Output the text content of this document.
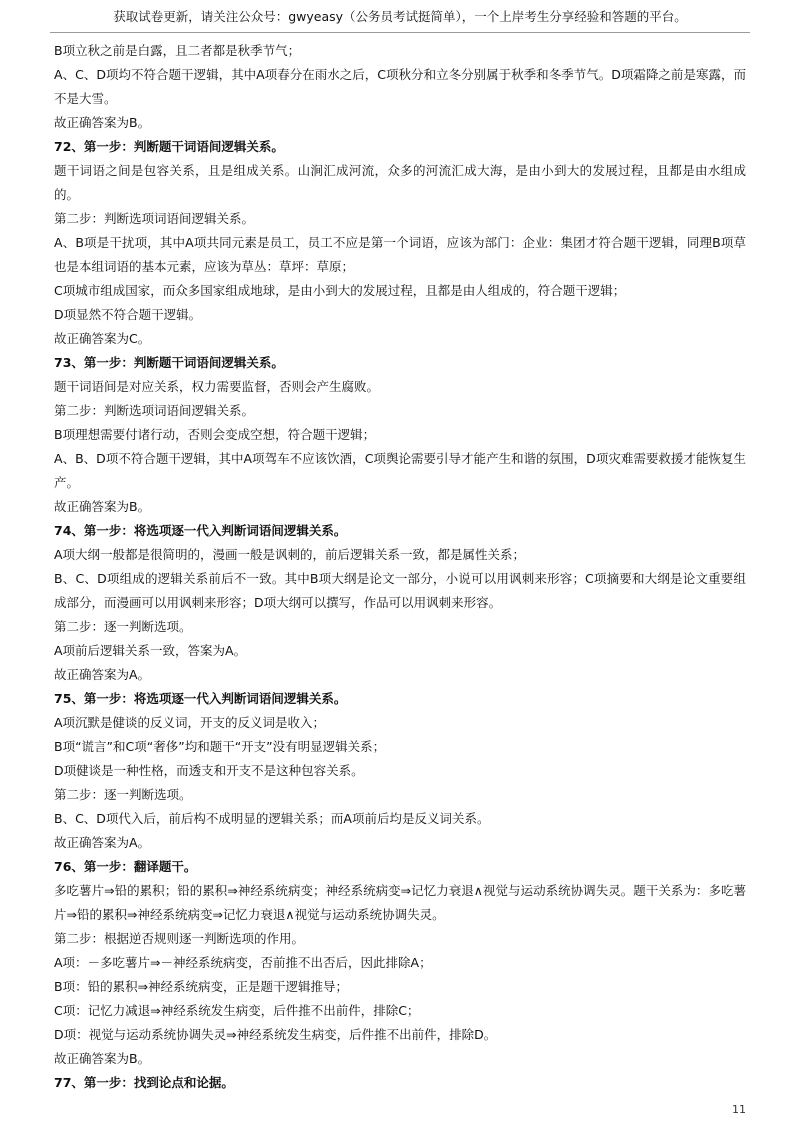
获取试卷更新，请关注公众号：gwyeasy（公务员考试挺简单），一个上岸考生分享经验和答题的平台。

B项立秋之前是白露，且二者都是秋季节气；

A、C、D项均不符合题干逻辑，其中A项春分在雨水之后，C项秋分和立冬分别属于秋季和冬季节气。D项霜降之前是寒露，而不是大雪。

故正确答案为B。

72、第一步：判断题干词语间逻辑关系。

题干词语之间是包容关系，且是组成关系。山涧汇成河流，众多的河流汇成大海，是由小到大的发展过程，且都是由水组成的。

第二步：判断选项词语间逻辑关系。

A、B项是干扰项，其中A项共同元素是员工，员工不应是第一个词语，应该为部门：企业：集团才符合题干逻辑，同理B项草也是本组词语的基本元素，应该为草丛：草坪：草原；

C项城市组成国家，而众多国家组成地球，是由小到大的发展过程，且都是由人组成的，符合题干逻辑；

D项显然不符合题干逻辑。

故正确答案为C。

73、第一步：判断题干词语间逻辑关系。

题干词语间是对应关系，权力需要监督，否则会产生腐败。

第二步：判断选项词语间逻辑关系。

B项理想需要付诸行动，否则会变成空想，符合题干逻辑；

A、B、D项不符合题干逻辑，其中A项驾车不应该饮酒，C项舆论需要引导才能产生和谐的氛围，D项灾难需要救援才能恢复生产。

故正确答案为B。

74、第一步：将选项逐一代入判断词语间逻辑关系。

A项大纲一般都是很简明的，漫画一般是讽刺的，前后逻辑关系一致，都是属性关系；

B、C、D项组成的逻辑关系前后不一致。其中B项大纲是论文一部分，小说可以用讽刺来形容；C项摘要和大纲是论文重要组成部分，而漫画可以用讽刺来形容；D项大纲可以撰写，作品可以用讽刺来形容。

第二步：逐一判断选项。

A项前后逻辑关系一致，答案为A。

故正确答案为A。

75、第一步：将选项逐一代入判断词语间逻辑关系。

A项沉默是健谈的反义词，开支的反义词是收入；

B项“谎言”和C项“奢侈”均和题干“开支”没有明显逻辑关系；

D项健谈是一种性格，而透支和开支不是这种包容关系。

第二步：逐一判断选项。

B、C、D项代入后，前后构不成明显的逻辑关系；而A项前后均是反义词关系。

故正确答案为A。

76、第一步：翻译题干。

多吃薯片⇒铅的累积；铅的累积⇒神经系统病变；神经系统病变⇒记忆力衰退∧视觉与运动系统协调失灵。题干关系为：多吃薯片⇒铅的累积⇒神经系统病变⇒记忆力衰退∧视觉与运动系统协调失灵。

第二步：根据逆否规则逐一判断选项的作用。

A项：－多吃薯片⇒－神经系统病变，否前推不出否后，因此排除A；

B项：铅的累积⇒神经系统病变，正是题干逻辑推导；

C项：记忆力减退⇒神经系统发生病变，后件推不出前件，排除C；

D项：视觉与运动系统协调失灵⇒神经系统发生病变，后件推不出前件，排除D。

故正确答案为B。

77、第一步：找到论点和论据。

11
